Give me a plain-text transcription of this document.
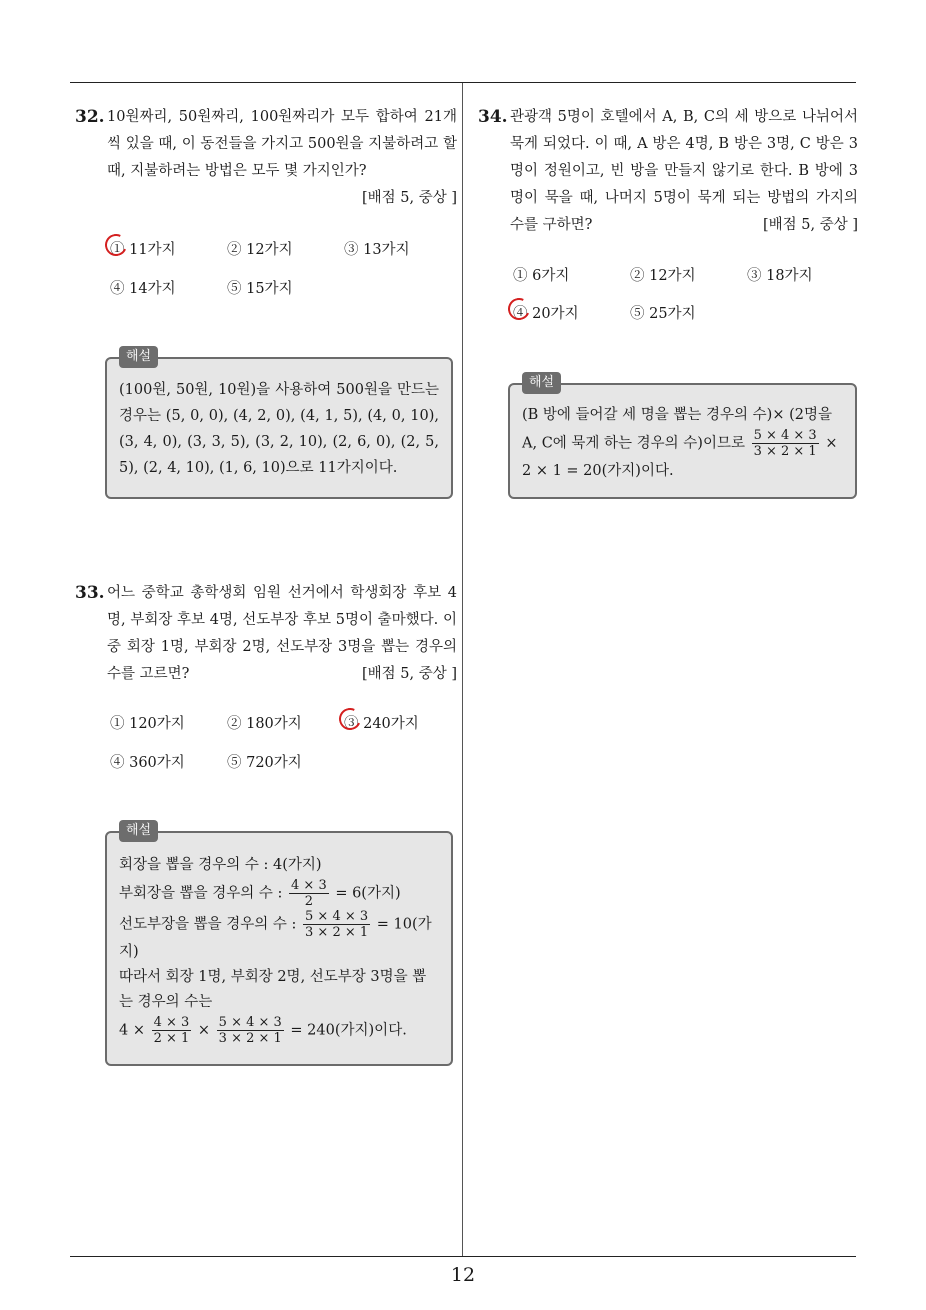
32. 10원짜리, 50원짜리, 100원짜리가 모두 합하여 21개씩 있을 때, 이 동전들을 가지고 500원을 지불하려고 할 때, 지불하려는 방법은 모두 몇 가지인가?
[배점 5, 중상 ]
① 11가지	② 12가지	③ 13가지
④ 14가지	⑤ 15가지
해설
(100원, 50원, 10원)을 사용하여 500원을 만드는 경우는 (5, 0, 0), (4, 2, 0), (4, 1, 5), (4, 0, 10), (3, 4, 0), (3, 3, 5), (3, 2, 10), (2, 6, 0), (2, 5, 5), (2, 4, 10), (1, 6, 10)으로 11가지이다.
33. 어느 중학교 총학생회 임원 선거에서 학생회장 후보 4명, 부회장 후보 4명, 선도부장 후보 5명이 출마했다. 이 중 회장 1명, 부회장 2명, 선도부장 3명을 뽑는 경우의 수를 고르면?	[배점 5, 중상 ]
① 120가지	② 180가지	③ 240가지
④ 360가지	⑤ 720가지
해설
회장을 뽑을 경우의 수 : 4(가지)
부회장을 뽑을 경우의 수 : $\frac{4 \times 3}{2} = 6$(가지)
선도부장을 뽑을 경우의 수 : $\frac{5 \times 4 \times 3}{3 \times 2 \times 1} = 10$(가
지)
따라서 회장 1명, 부회장 2명, 선도부장 3명을 뽑
는 경우의 수는
$4 \times \frac{4 \times 3}{2 \times 1} \times \frac{5 \times 4 \times 3}{3 \times 2 \times 1} = 240$(가지)이다.
34. 관광객 5명이 호텔에서 A, B, C의 세 방으로 나뉘어서 묵게 되었다. 이 때, A 방은 4명, B 방은 3명, C 방은 3명이 정원이고, 빈 방을 만들지 않기로 한다. B 방에 3명이 묵을 때, 나머지 5명이 묵게 되는 방법의 가지의 수를 구하면?	[배점 5, 중상 ]
① 6가지	② 12가지	③ 18가지
④ 20가지	⑤ 25가지
해설
(B 방에 들어갈 세 명을 뽑는 경우의 수)× (2명을
A, C에 묵게 하는 경우의 수)이므로 $\frac{5 \times 4 \times 3}{3 \times 2 \times 1}$ ×
2 × 1 = 20(가지)이다.
12
